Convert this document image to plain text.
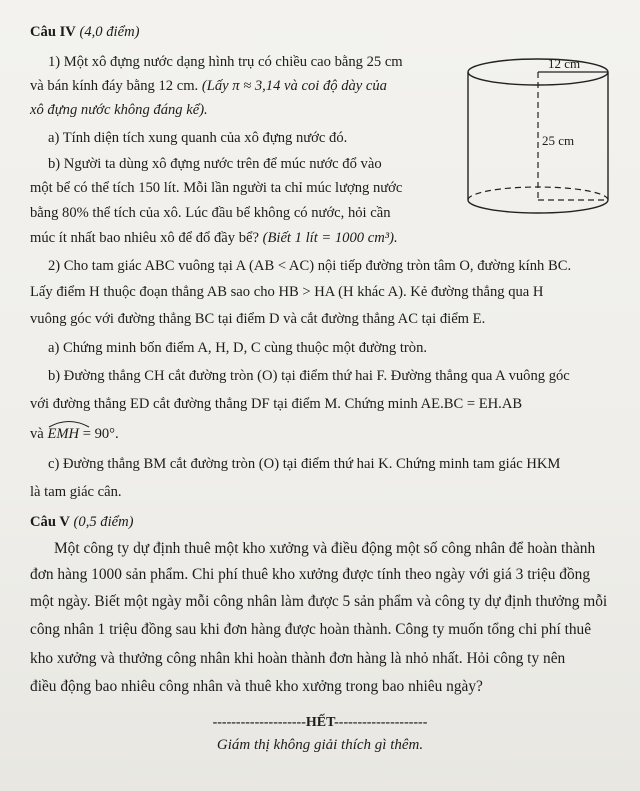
Câu IV (4,0 điểm)

1) Một xô đựng nước dạng hình trụ có chiều cao bằng 25 cm

và bán kính đáy bằng 12 cm. (Lấy π ≈ 3,14 và coi độ dày của

xô đựng nước không đáng kể).

a) Tính diện tích xung quanh của xô đựng nước đó.

b) Người ta dùng xô đựng nước trên để múc nước đổ vào

một bể có thể tích 150 lít. Mỗi lần người ta chỉ múc lượng nước

bằng 80% thể tích của xô. Lúc đầu bể không có nước, hỏi cần

múc ít nhất bao nhiêu xô để đổ đầy bể? (Biết 1 lít = 1000 cm³).

12 cm
25 cm

2) Cho tam giác ABC vuông tại A (AB < AC) nội tiếp đường tròn tâm O, đường kính BC.

Lấy điểm H thuộc đoạn thẳng AB sao cho HB > HA (H khác A). Kẻ đường thẳng qua H

vuông góc với đường thẳng BC tại điểm D và cắt đường thẳng AC tại điểm E.

a) Chứng minh bốn điểm A, H, D, C cùng thuộc một đường tròn.

b) Đường thẳng CH cắt đường tròn (O) tại điểm thứ hai F. Đường thẳng qua A vuông góc

với đường thẳng ED cắt đường thẳng DF tại điểm M. Chứng minh AE.BC = EH.AB

và
EMH = 90°.

c) Đường thẳng BM cắt đường tròn (O) tại điểm thứ hai K. Chứng minh tam giác HKM

là tam giác cân.

Câu V (0,5 điểm)

Một công ty dự định thuê một kho xưởng và điều động một số công nhân để hoàn thành

đơn hàng 1000 sản phẩm. Chi phí thuê kho xưởng được tính theo ngày với giá 3 triệu đồng

một ngày. Biết một ngày mỗi công nhân làm được 5 sản phẩm và công ty dự định thưởng mỗi

công nhân 1 triệu đồng sau khi đơn hàng được hoàn thành. Công ty muốn tổng chi phí thuê

kho xưởng và thưởng công nhân khi hoàn thành đơn hàng là nhỏ nhất. Hỏi công ty nên

điều động bao nhiêu công nhân và thuê kho xưởng trong bao nhiêu ngày?

--------------------HẾT--------------------

Giám thị không giải thích gì thêm.
